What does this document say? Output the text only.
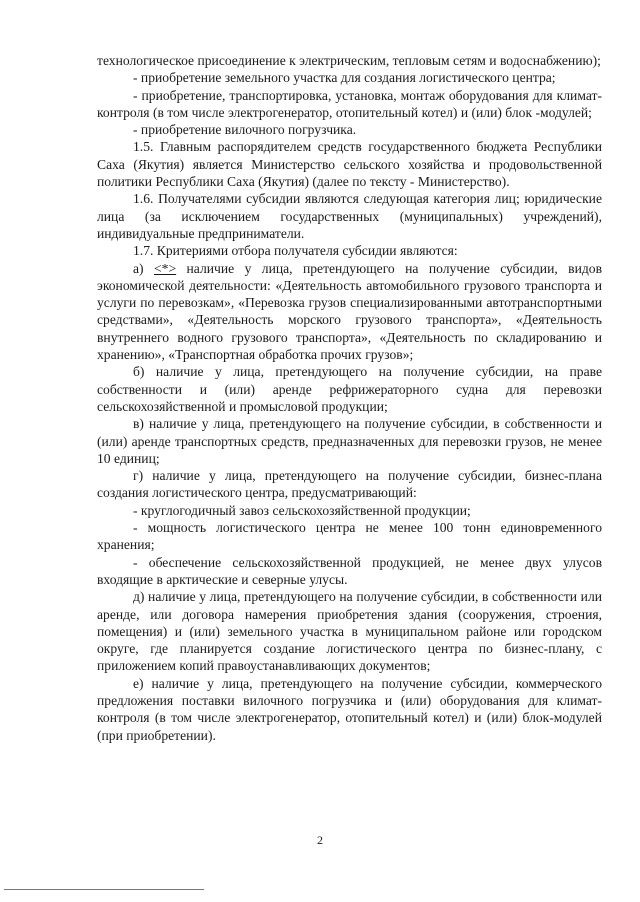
технологическое присоединение к электрическим, тепловым сетям и водоснабжению);

- приобретение земельного участка для создания логистического центра;

- приобретение, транспортировка, установка, монтаж оборудования для климат-контроля (в том числе электрогенератор, отопительный котел) и (или) блок -модулей;

- приобретение вилочного погрузчика.

1.5. Главным распорядителем средств государственного бюджета Республики Саха (Якутия) является Министерство сельского хозяйства и продовольственной политики Республики Саха (Якутия) (далее по тексту - Министерство).

1.6. Получателями субсидии являются следующая категория лиц; юридические лица (за исключением государственных (муниципальных) учреждений), индивидуальные предприниматели.

1.7. Критериями отбора получателя субсидии являются:

а) <*> наличие у лица, претендующего на получение субсидии, видов экономической деятельности: «Деятельность автомобильного грузового транспорта и услуги по перевозкам», «Перевозка грузов специализированными автотранспортными средствами», «Деятельность морского грузового транспорта», «Деятельность внутреннего водного грузового транспорта», «Деятельность по складированию и хранению», «Транспортная обработка прочих грузов»;

б) наличие у лица, претендующего на получение субсидии, на праве собственности и (или) аренде рефрижераторного судна для перевозки сельскохозяйственной и промысловой продукции;

в) наличие у лица, претендующего на получение субсидии, в собственности и (или) аренде транспортных средств, предназначенных для перевозки грузов, не менее 10 единиц;

г) наличие у лица, претендующего на получение субсидии, бизнес-плана создания логистического центра, предусматривающий:

- круглогодичный завоз сельскохозяйственной продукции;

- мощность логистического центра не менее 100 тонн единовременного хранения;

- обеспечение сельскохозяйственной продукцией, не менее двух улусов входящие в арктические и северные улусы.

д) наличие у лица, претендующего на получение субсидии, в собственности или аренде, или договора намерения приобретения здания (сооружения, строения, помещения) и (или) земельного участка в муниципальном районе или городском округе, где планируется создание логистического центра по бизнес-плану, с приложением копий правоустанавливающих документов;

е) наличие у лица, претендующего на получение субсидии, коммерческого предложения поставки вилочного погрузчика и (или) оборудования для климат-контроля (в том числе электрогенератор, отопительный котел) и (или) блок-модулей (при приобретении).

2
